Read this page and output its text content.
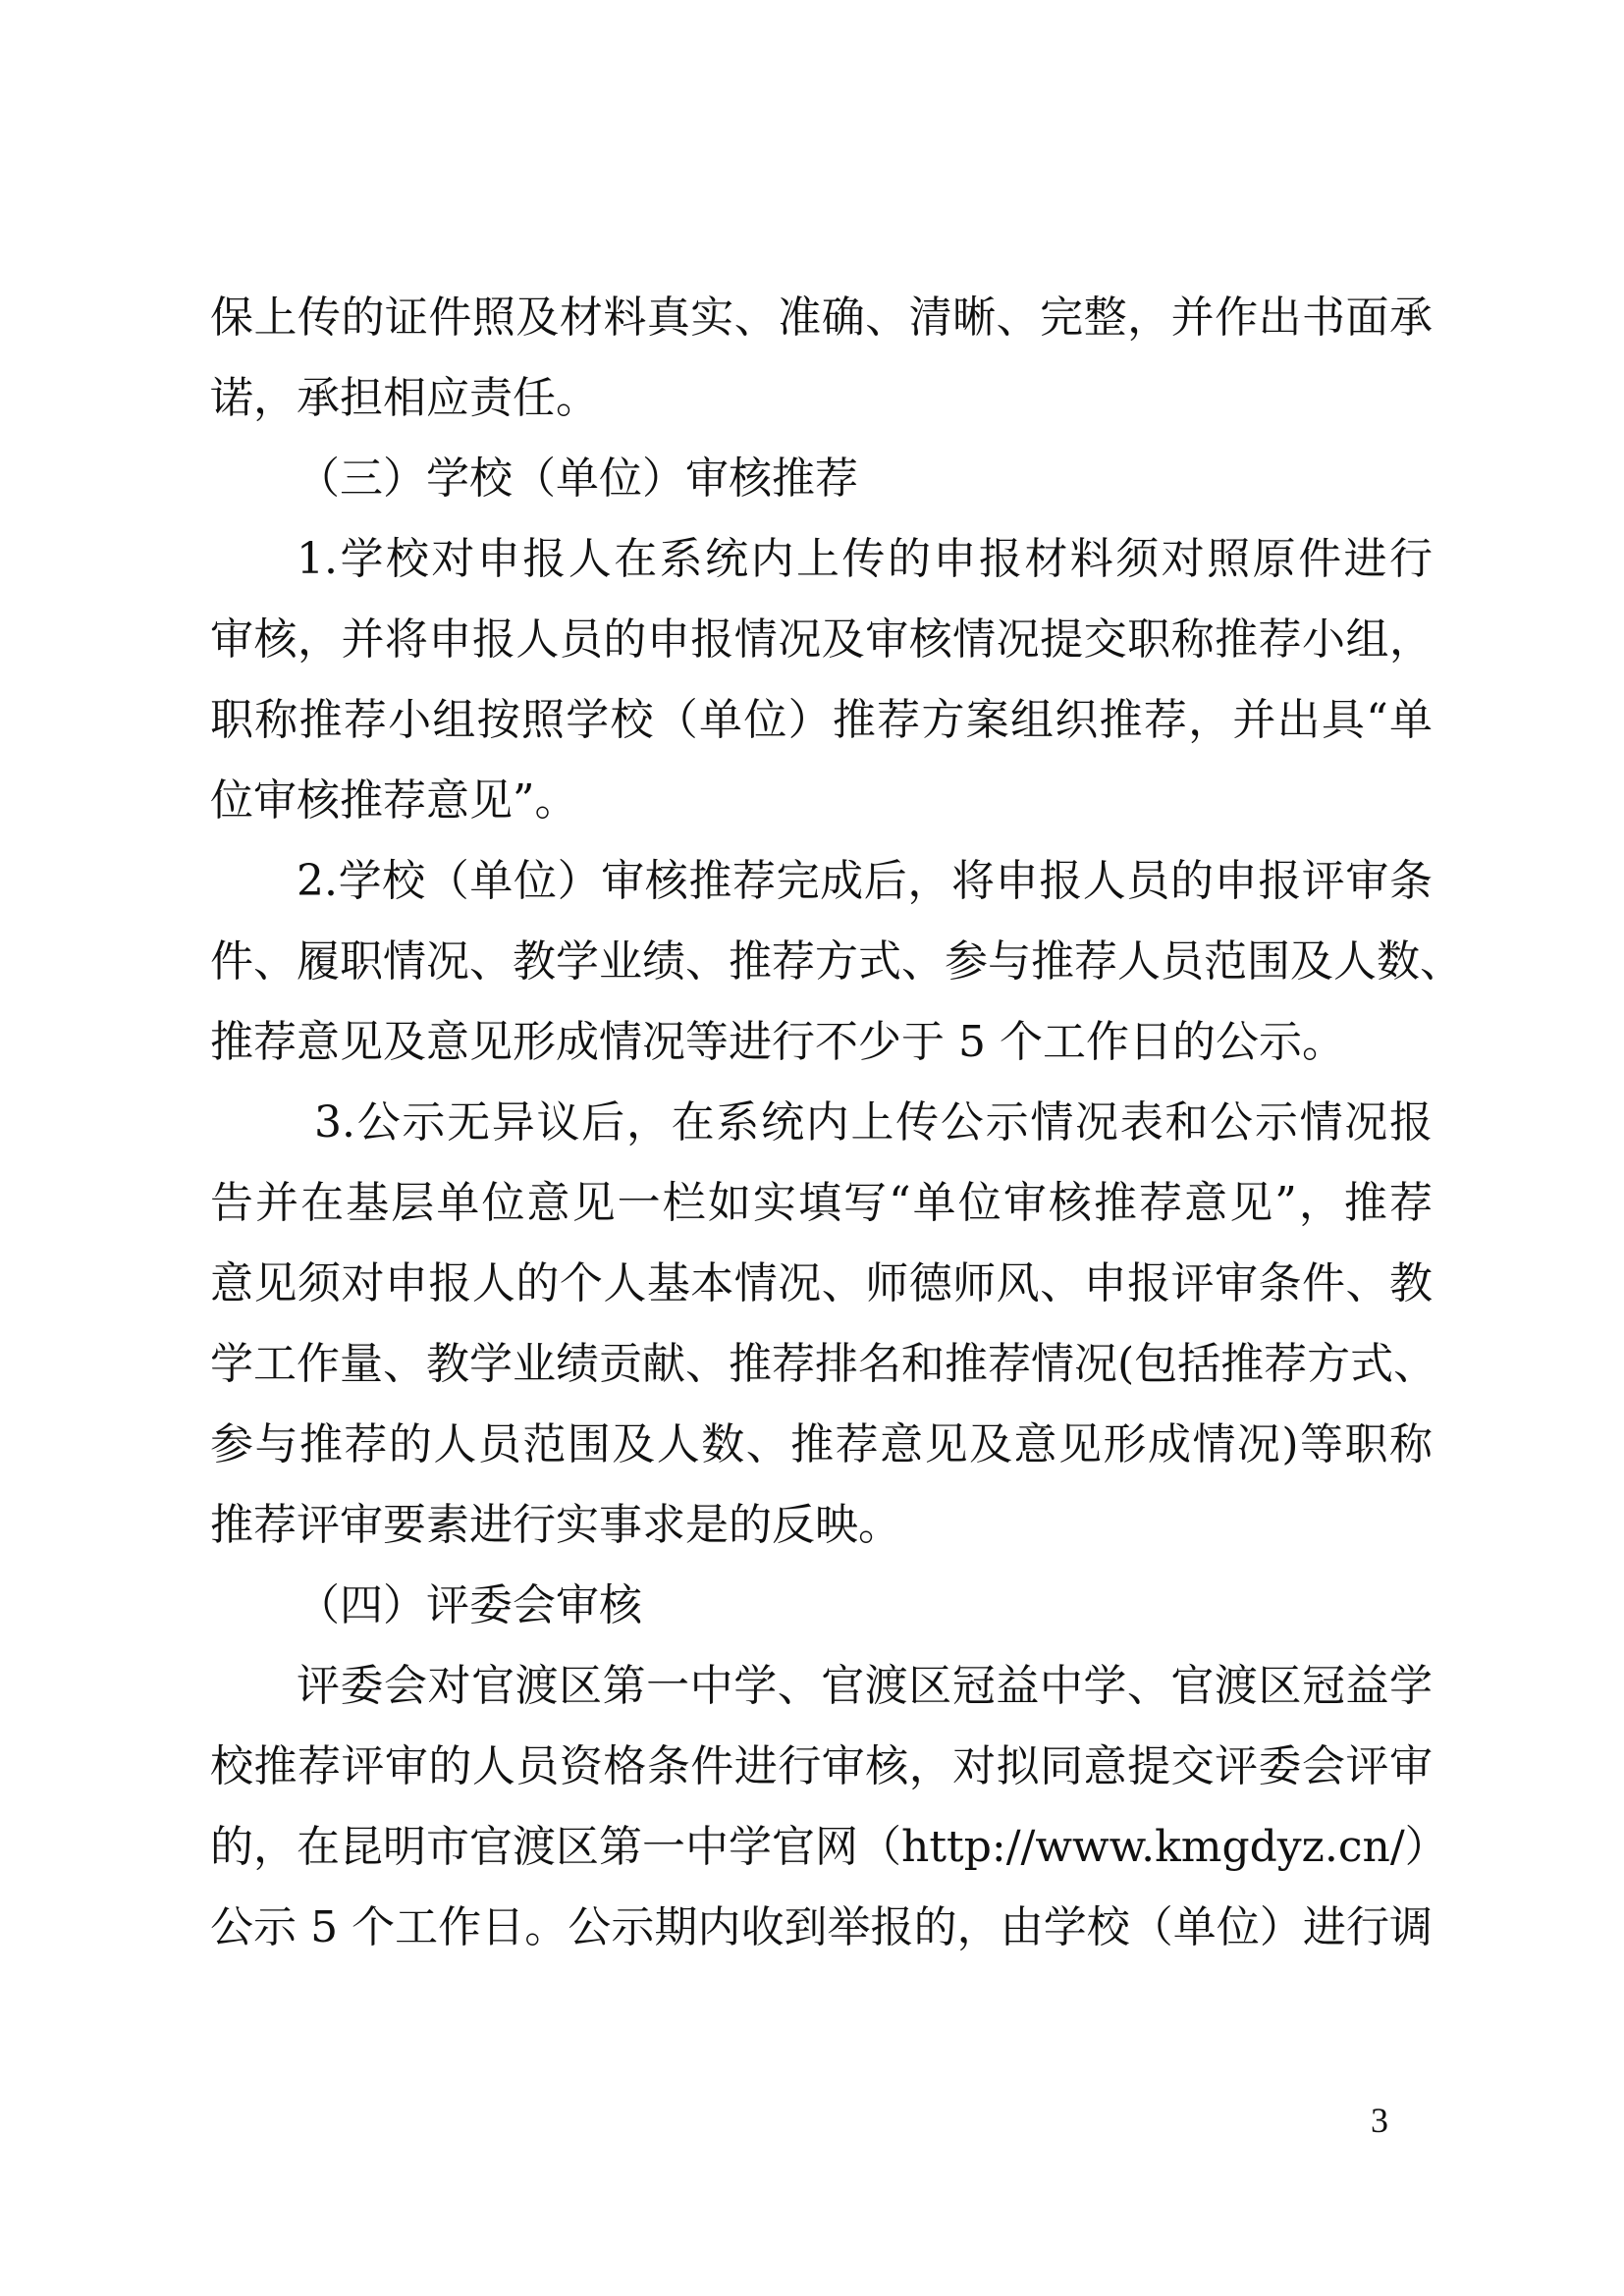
保上传的证件照及材料真实、准确、清晰、完整，并作出书面承
诺，承担相应责任。
（三）学校（单位）审核推荐
1.学校对申报人在系统内上传的申报材料须对照原件进行
审核，并将申报人员的申报情况及审核情况提交职称推荐小组，
职称推荐小组按照学校（单位）推荐方案组织推荐，并出具“单
位审核推荐意见”。
2.学校（单位）审核推荐完成后，将申报人员的申报评审条
件、履职情况、教学业绩、推荐方式、参与推荐人员范围及人数、
推荐意见及意见形成情况等进行不少于 5 个工作日的公示。
3.公示无异议后，在系统内上传公示情况表和公示情况报
告并在基层单位意见一栏如实填写“单位审核推荐意见”，推荐
意见须对申报人的个人基本情况、师德师风、申报评审条件、教
学工作量、教学业绩贡献、推荐排名和推荐情况(包括推荐方式、
参与推荐的人员范围及人数、推荐意见及意见形成情况)等职称
推荐评审要素进行实事求是的反映。
（四）评委会审核
评委会对官渡区第一中学、官渡区冠益中学、官渡区冠益学
校推荐评审的人员资格条件进行审核，对拟同意提交评委会评审
的，在昆明市官渡区第一中学官网（http://www.kmgdyz.cn/）
公示 5 个工作日。公示期内收到举报的，由学校（单位）进行调
3
